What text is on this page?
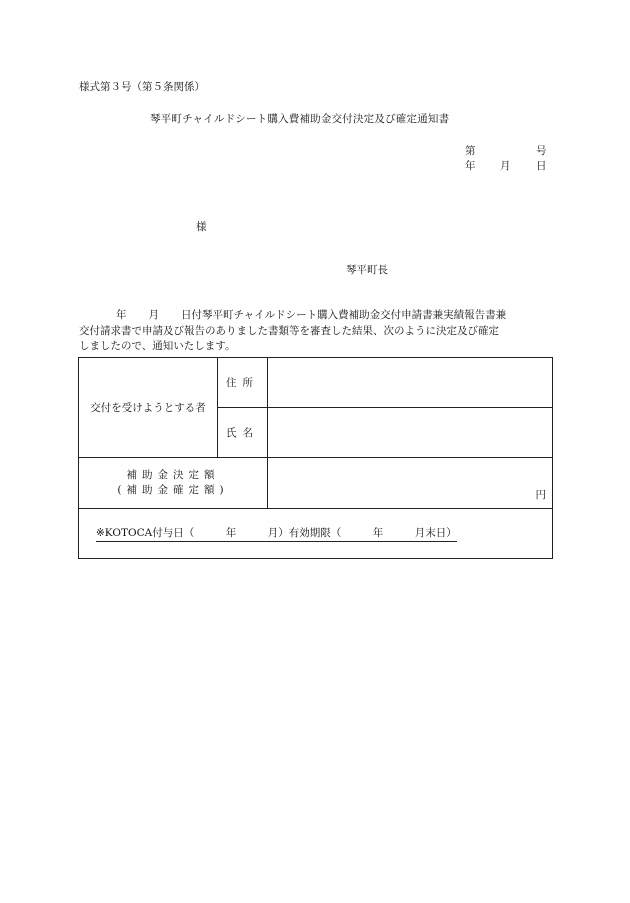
様式第３号（第５条関係）
琴平町チャイルドシート購入費補助金交付決定及び確定通知書
第	号
年 月 日
様
琴平町長
年 月 日付琴平町チャイルドシート購入費補助金交付申請書兼実績報告書兼
交付請求書で申請及び報告のありました書類等を審査した結果、次のように決定及び確定
しましたので、通知いたします。
交付を受けようとする者	住所	
	氏名	

補助金決定額
(補助金確定額)		円

※KOTOCA付与日（　　　年　　　月）有効期限（　　　年　　　月末日）		
